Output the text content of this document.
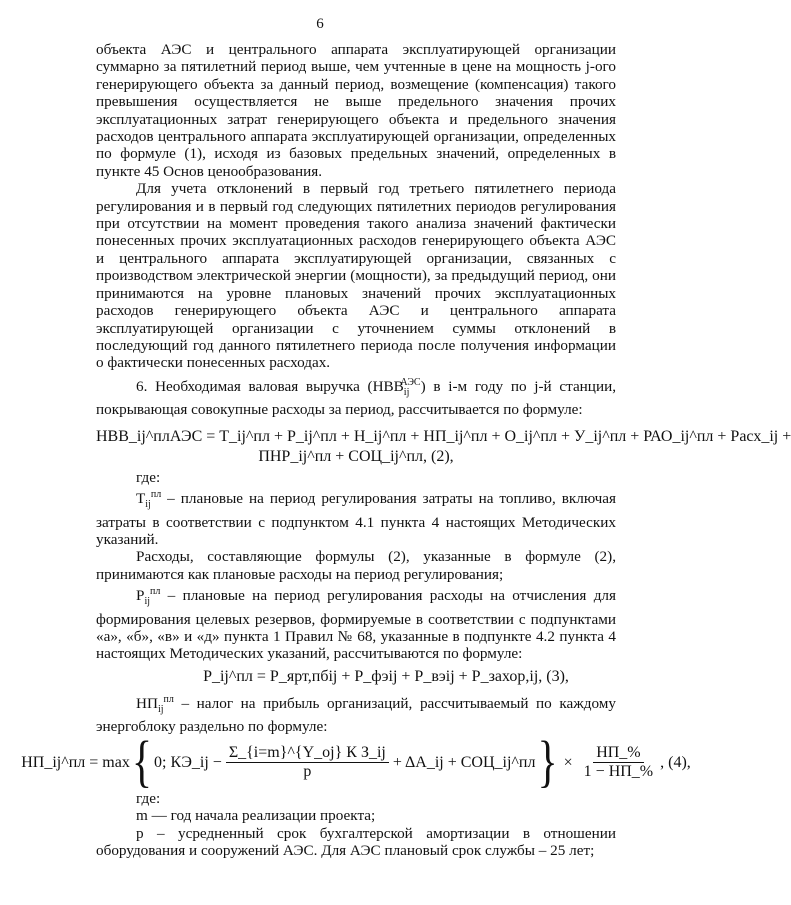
6

объекта АЭС и центрального аппарата эксплуатирующей организации суммарно за пятилетний период выше, чем учтенные в цене на мощность j-ого генерирующего объекта за данный период, возмещение (компенсация) такого превышения осуществляется не выше предельного значения прочих эксплуатационных затрат генерирующего объекта и предельного значения расходов центрального аппарата эксплуатирующей организации, определенных по формуле (1), исходя из базовых предельных значений, определенных в пункте 45 Основ ценообразования.

Для учета отклонений в первый год третьего пятилетнего периода регулирования и в первый год следующих пятилетних периодов регулирования при отсутствии на момент проведения такого анализа значений фактически понесенных прочих эксплуатационных расходов генерирующего объекта АЭС и центрального аппарата эксплуатирующей организации, связанных с производством электрической энергии (мощности), за предыдущий период, они принимаются на уровне плановых значений прочих эксплуатационных расходов генерирующего объекта АЭС и центрального аппарата эксплуатирующей организации с уточнением суммы отклонений в последующий год данного пятилетнего периода после получения информации о фактически понесенных расходах.

6. Необходимая валовая выручка $(НВВ_{ij}^{АЭС})$ в i-м году по j-й станции, покрывающая совокупные расходы за период, рассчитывается по формуле:

НВВ_ij^плАЭС = Т_ij^пл + Р_ij^пл + Н_ij^пл + НП_ij^пл + О_ij^пл + У_ij^пл + РАО_ij^пл + Расх_ij +
ПНР_ij^пл + СОЦ_ij^пл, (2),

где:

$Т_{ij}^{пл}$ – плановые на период регулирования затраты на топливо, включая затраты в соответствии с подпунктом 4.1 пункта 4 настоящих Методических указаний.

Расходы, составляющие формулы (2), указанные в формуле (2), принимаются как плановые расходы на период регулирования;

$Р_{ij}^{пл}$ – плановые на период регулирования расходы на отчисления для формирования целевых резервов, формируемые в соответствии с подпунктами «а», «б», «в» и «д» пункта 1 Правил № 68, указанные в подпункте 4.2 пункта 4 настоящих Методических указаний, рассчитываются по формуле:

Р_ij^пл = Р_ярт,пбij + Р_фэij + Р_вэij + Р_захор,ij, (3),

$НП_{ij}^{пл}$ – налог на прибыль организаций, рассчитываемый по каждому энергоблоку раздельно по формуле:

НП_ij^пл = max { 0; КЭ_ij − $\frac{\text{Σ\_\{i=m\}\textasciicircum{}\{Y\_oj\} К З\_ij}}{p}$ + ΔА_ij + СОЦ_ij^пл } × $\frac{НП\_\%}{1 - НП\_\%}$ , (4),

где:

m — год начала реализации проекта;

p – усредненный срок бухгалтерской амортизации в отношении оборудования и сооружений АЭС. Для АЭС плановый срок службы – 25 лет;
